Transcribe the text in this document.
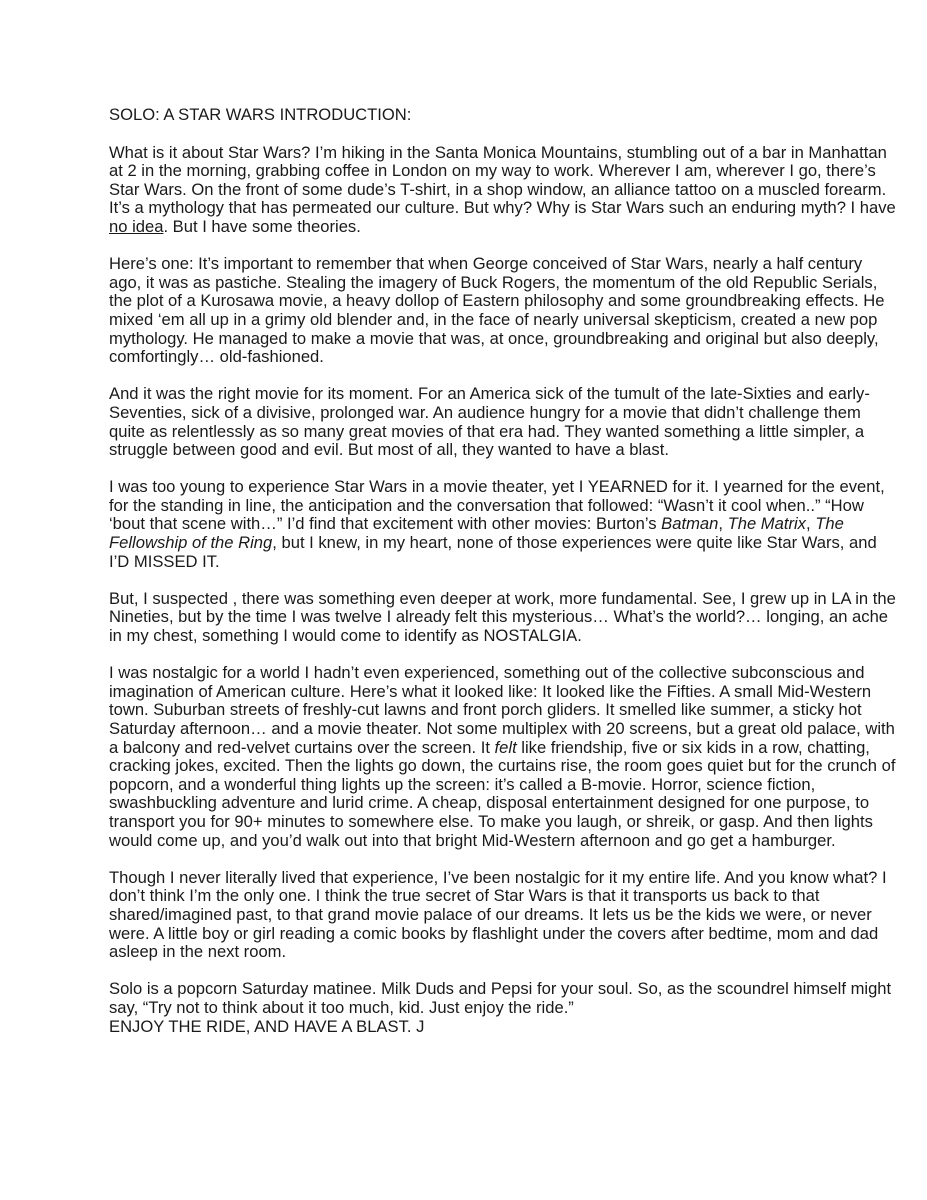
SOLO: A STAR WARS INTRODUCTION:

What is it about Star Wars? I’m hiking in the Santa Monica Mountains, stumbling out of a bar in Manhattan at 2 in the morning, grabbing coffee in London on my way to work. Wherever I am, wherever I go, there’s Star Wars. On the front of some dude’s T-shirt, in a shop window, an alliance tattoo on a muscled forearm. It’s a mythology that has permeated our culture. But why? Why is Star Wars such an enduring myth? I have no idea. But I have some theories.

Here’s one: It’s important to remember that when George conceived of Star Wars, nearly a half century ago, it was as pastiche. Stealing the imagery of Buck Rogers, the momentum of the old Republic Serials, the plot of a Kurosawa movie, a heavy dollop of Eastern philosophy and some groundbreaking effects. He mixed ‘em all up in a grimy old blender and, in the face of nearly universal skepticism, created a new pop mythology. He managed to make a movie that was, at once, groundbreaking and original but also deeply, comfortingly… old-fashioned.

And it was the right movie for its moment. For an America sick of the tumult of the late-Sixties and early-Seventies, sick of a divisive, prolonged war. An audience hungry for a movie that didn’t challenge them quite as relentlessly as so many great movies of that era had. They wanted something a little simpler, a struggle between good and evil. But most of all, they wanted to have a blast.

I was too young to experience Star Wars in a movie theater, yet I YEARNED for it. I yearned for the event, for the standing in line, the anticipation and the conversation that followed: “Wasn’t it cool when..” “How ‘bout that scene with…” I’d find that excitement with other movies: Burton’s Batman, The Matrix, The Fellowship of the Ring, but I knew, in my heart, none of those experiences were quite like Star Wars, and I’D MISSED IT.

But, I suspected , there was something even deeper at work, more fundamental. See, I grew up in LA in the Nineties, but by the time I was twelve I already felt this mysterious… What’s the world?… longing, an ache in my chest, something I would come to identify as NOSTALGIA.

I was nostalgic for a world I hadn’t even experienced, something out of the collective subconscious and imagination of American culture. Here’s what it looked like: It looked like the Fifties. A small Mid-Western town. Suburban streets of freshly-cut lawns and front porch gliders. It smelled like summer, a sticky hot Saturday afternoon… and a movie theater. Not some multiplex with 20 screens, but a great old palace, with a balcony and red-velvet curtains over the screen. It felt like friendship, five or six kids in a row, chatting, cracking jokes, excited. Then the lights go down, the curtains rise, the room goes quiet but for the crunch of popcorn, and a wonderful thing lights up the screen: it’s called a B-movie. Horror, science fiction, swashbuckling adventure and lurid crime. A cheap, disposal entertainment designed for one purpose, to transport you for 90+ minutes to somewhere else. To make you laugh, or shreik, or gasp. And then lights would come up, and you’d walk out into that bright Mid-Western afternoon and go get a hamburger.

Though I never literally lived that experience, I’ve been nostalgic for it my entire life. And you know what? I don’t think I’m the only one. I think the true secret of Star Wars is that it transports us back to that shared/imagined past, to that grand movie palace of our dreams. It lets us be the kids we were, or never were. A little boy or girl reading a comic books by flashlight under the covers after bedtime, mom and dad asleep in the next room.

Solo is a popcorn Saturday matinee. Milk Duds and Pepsi for your soul. So, as the scoundrel himself might say, “Try not to think about it too much, kid. Just enjoy the ride.”
ENJOY THE RIDE, AND HAVE A BLAST. J
